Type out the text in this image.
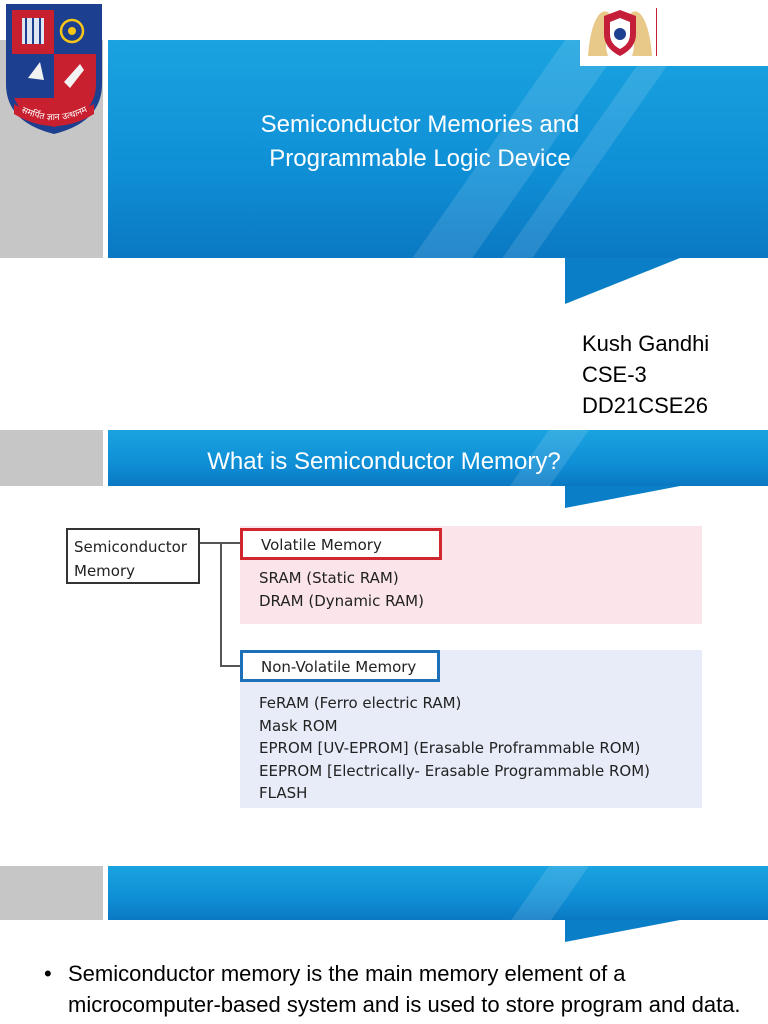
Semiconductor Memories and
Programmable Logic Device
समर्पित ज्ञान उत्थानम
Kush Gandhi
CSE-3
DD21CSE26
What is Semiconductor Memory?
Semiconductor
Memory
Volatile Memory
SRAM (Static RAM)
DRAM (Dynamic RAM)
Non-Volatile Memory
FeRAM (Ferro electric RAM)
Mask ROM
EPROM [UV-EPROM] (Erasable Proframmable ROM)
EEPROM [Electrically- Erasable Programmable ROM)
FLASH
• Semiconductor memory is the main memory element of a microcomputer-based system and is used to store program and data.
